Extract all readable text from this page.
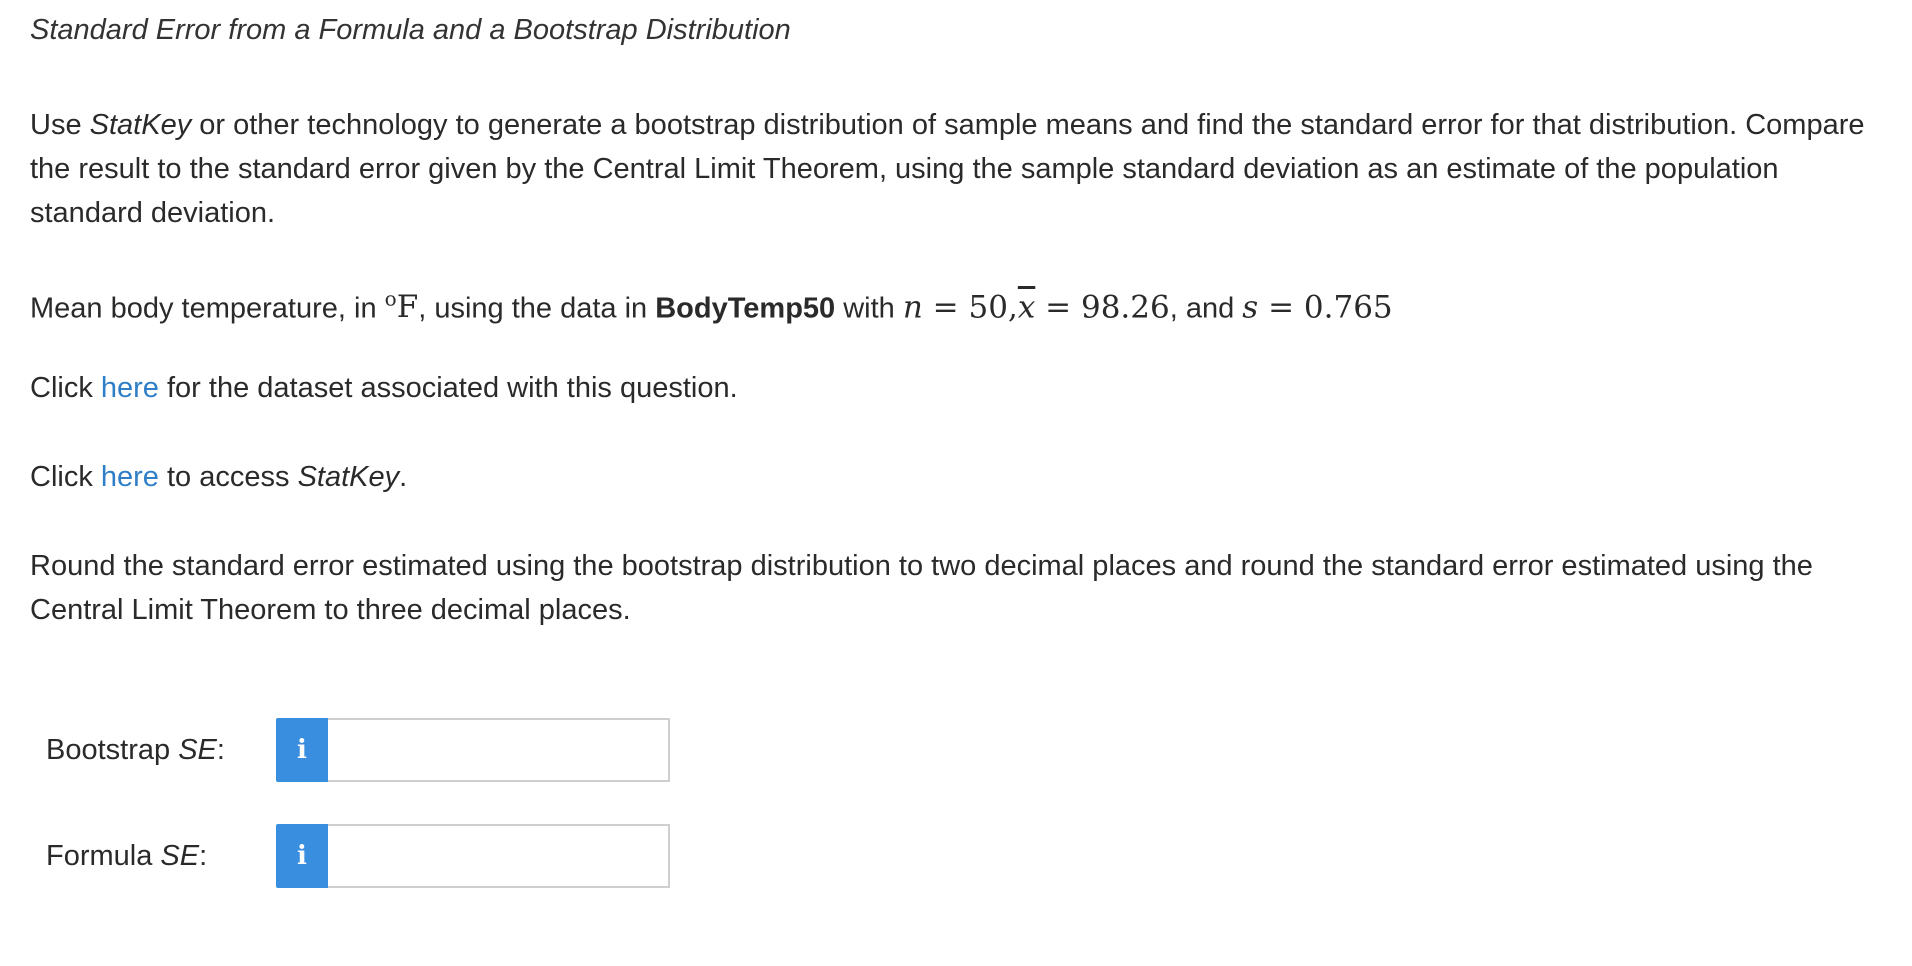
Standard Error from a Formula and a Bootstrap Distribution
Use StatKey or other technology to generate a bootstrap distribution of sample means and find the standard error for that distribution. Compare the result to the standard error given by the Central Limit Theorem, using the sample standard deviation as an estimate of the population standard deviation.
Mean body temperature, in $^o$F, using the data in BodyTemp50 with $n = 50,\overline{x} = 98.26$, and s = 0.765
Click here for the dataset associated with this question.
Click here to access StatKey.
Round the standard error estimated using the bootstrap distribution to two decimal places and round the standard error estimated using the Central Limit Theorem to three decimal places.
Bootstrap SE:	i
Formula SE:	i
